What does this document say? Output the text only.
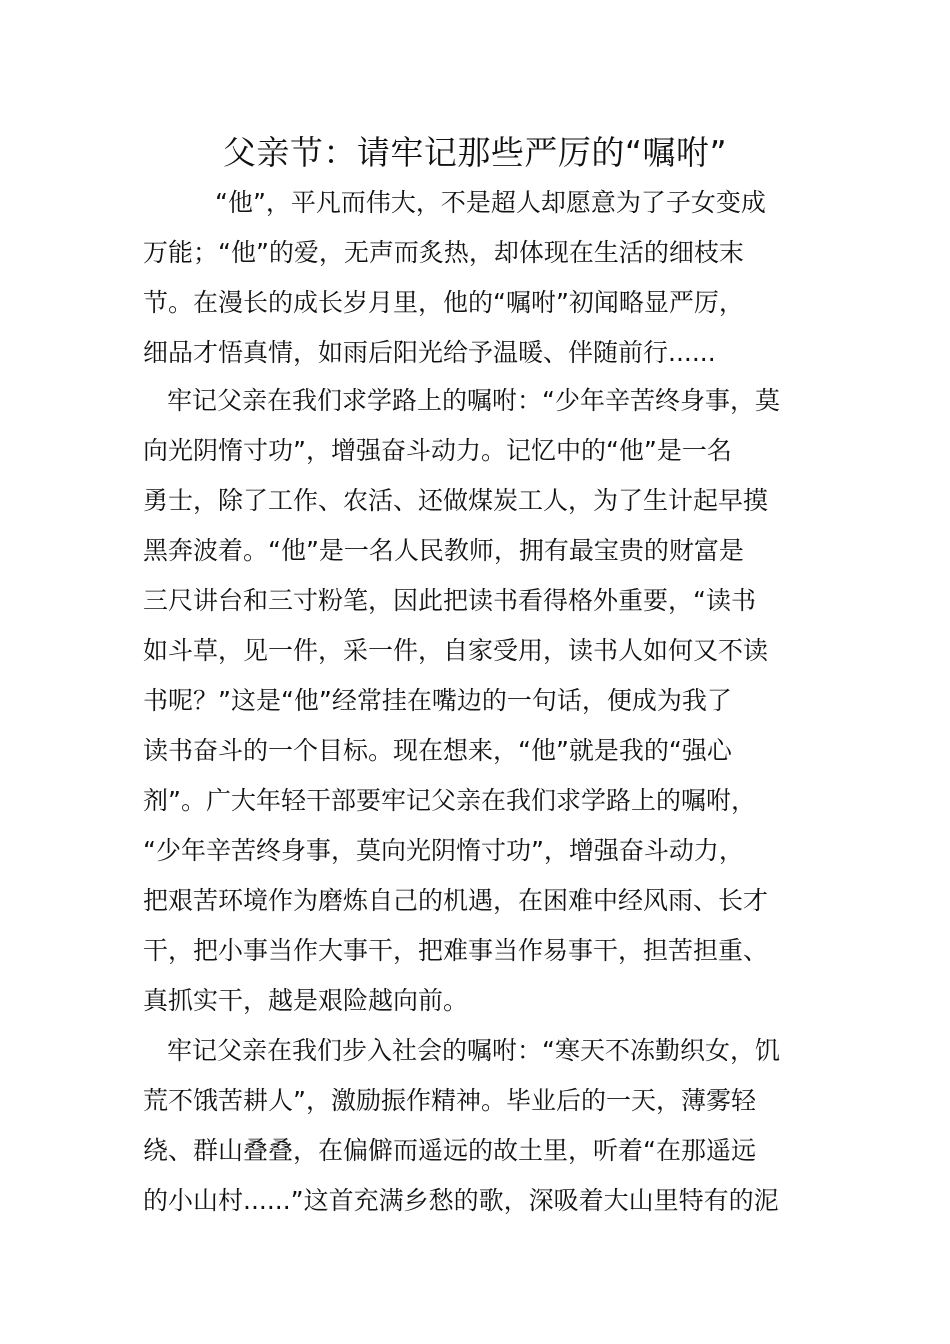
父亲节：请牢记那些严厉的“嘱咐”
“他”，平凡而伟大，不是超人却愿意为了子女变成
万能；“他”的爱，无声而炙热，却体现在生活的细枝末
节。在漫长的成长岁月里，他的“嘱咐”初闻略显严厉，
细品才悟真情，如雨后阳光给予温暖、伴随前行......
牢记父亲在我们求学路上的嘱咐：“少年辛苦终身事，莫
向光阴惰寸功”，增强奋斗动力。记忆中的“他”是一名
勇士，除了工作、农活、还做煤炭工人，为了生计起早摸
黑奔波着。“他”是一名人民教师，拥有最宝贵的财富是
三尺讲台和三寸粉笔，因此把读书看得格外重要，“读书
如斗草，见一件，采一件，自家受用，读书人如何又不读
书呢？”这是“他”经常挂在嘴边的一句话，便成为我了
读书奋斗的一个目标。现在想来，“他”就是我的“强心
剂”。广大年轻干部要牢记父亲在我们求学路上的嘱咐，
“少年辛苦终身事，莫向光阴惰寸功”，增强奋斗动力，
把艰苦环境作为磨炼自己的机遇，在困难中经风雨、长才
干，把小事当作大事干，把难事当作易事干，担苦担重、
真抓实干，越是艰险越向前。
牢记父亲在我们步入社会的嘱咐：“寒天不冻勤织女，饥
荒不饿苦耕人”，激励振作精神。毕业后的一天，薄雾轻
绕、群山叠叠，在偏僻而遥远的故土里，听着“在那遥远
的小山村......”这首充满乡愁的歌，深吸着大山里特有的泥
